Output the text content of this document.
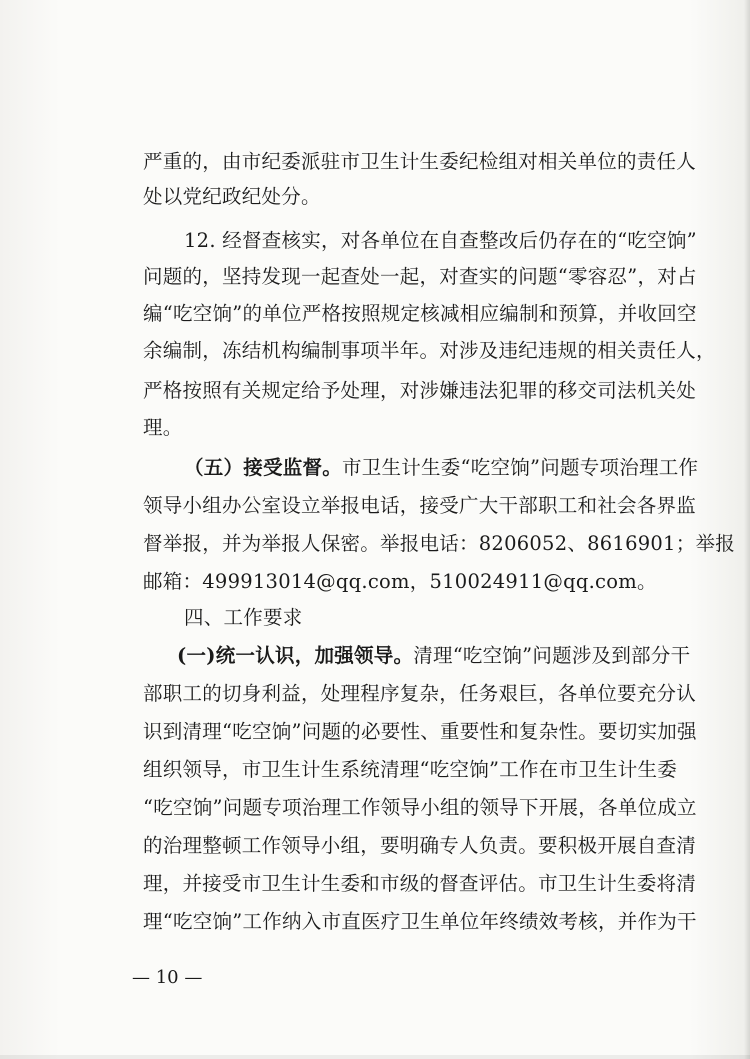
严重的，由市纪委派驻市卫生计生委纪检组对相关单位的责任人
处以党纪政纪处分。
12. 经督查核实，对各单位在自查整改后仍存在的“吃空饷”
问题的，坚持发现一起查处一起，对查实的问题“零容忍”，对占
编“吃空饷”的单位严格按照规定核减相应编制和预算，并收回空
余编制，冻结机构编制事项半年。对涉及违纪违规的相关责任人，
严格按照有关规定给予处理，对涉嫌违法犯罪的移交司法机关处
理。
（五）接受监督。市卫生计生委“吃空饷”问题专项治理工作
领导小组办公室设立举报电话，接受广大干部职工和社会各界监
督举报，并为举报人保密。举报电话：8206052、8616901；举报
邮箱：499913014@qq.com，510024911@qq.com。
四、工作要求
(一)统一认识，加强领导。清理“吃空饷”问题涉及到部分干
部职工的切身利益，处理程序复杂，任务艰巨，各单位要充分认
识到清理“吃空饷”问题的必要性、重要性和复杂性。要切实加强
组织领导，市卫生计生系统清理“吃空饷”工作在市卫生计生委
“吃空饷”问题专项治理工作领导小组的领导下开展，各单位成立
的治理整顿工作领导小组，要明确专人负责。要积极开展自查清
理，并接受市卫生计生委和市级的督查评估。市卫生计生委将清
理“吃空饷”工作纳入市直医疗卫生单位年终绩效考核，并作为干
— 10 —
